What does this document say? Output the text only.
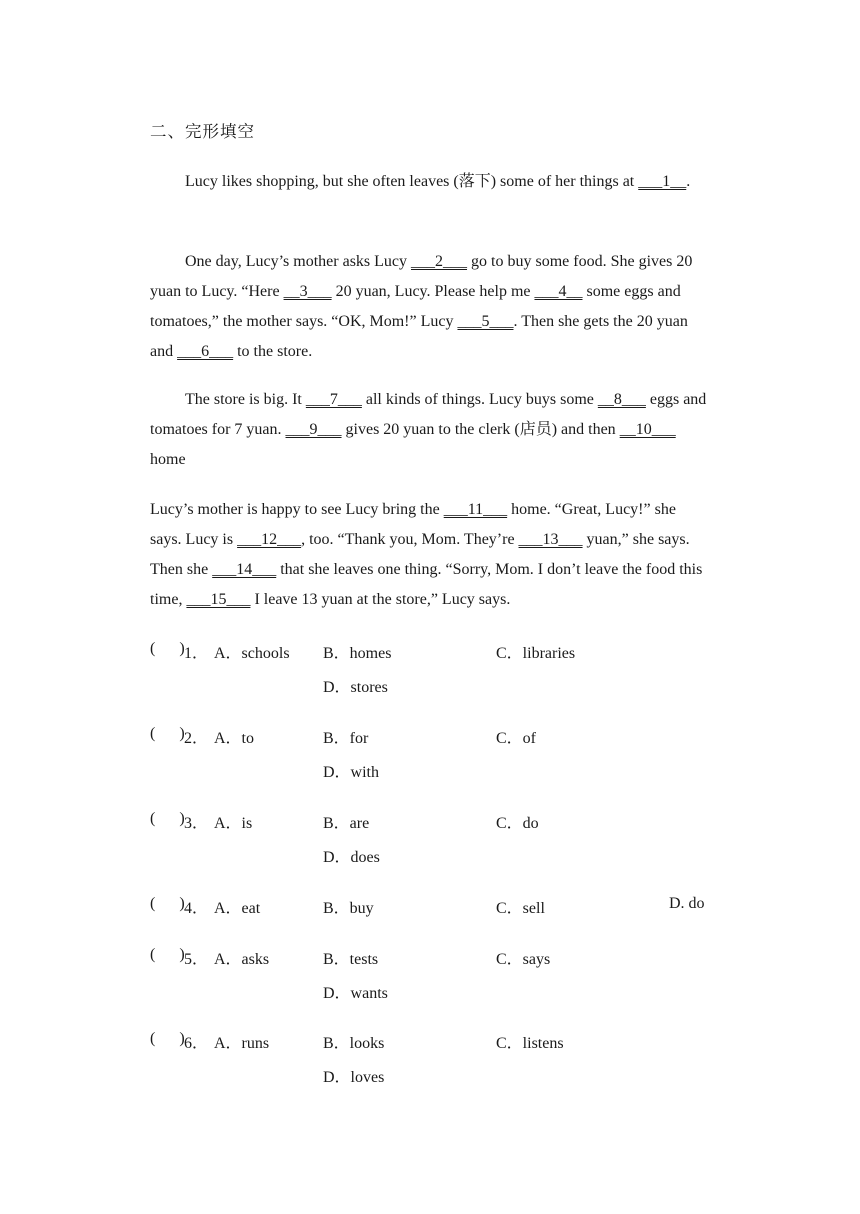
二、完形填空
Lucy likes shopping, but she often leaves (落下) some of her things at ___1__.
One day, Lucy’s mother asks Lucy ___2___ go to buy some food. She gives 20 yuan to Lucy. “Here __3___ 20 yuan, Lucy. Please help me ___4__ some eggs and tomatoes,” the mother says. “OK, Mom!” Lucy ___5___. Then she gets the 20 yuan and ___6___ to the store.
The store is big. It ___7___ all kinds of things. Lucy buys some __8___ eggs and tomatoes for 7 yuan. ___9___ gives 20 yuan to the clerk (店员) and then __10___ home
Lucy’s mother is happy to see Lucy bring the ___11___ home. “Great, Lucy!” she says. Lucy is ___12___, too. “Thank you, Mom. They’re ___13___ yuan,” she says. Then she ___14___ that she leaves one thing. “Sorry, Mom. I don’t leave the food this time, ___15___ I leave 13 yuan at the store,” Lucy says.
(      ) 1． A．schools B．homes	C．libraries
D．stores
(      ) 2． A．to	B．for	C．of
D．with
(      ) 3． A．is	B．are	C．do
D．does
(      ) 4． A．eat	B．buy	C．sell	D. do
(      ) 5． A．asks	B．tests	C．says
D．wants
(      ) 6． A．runs	B．looks	C．listens
D．loves
